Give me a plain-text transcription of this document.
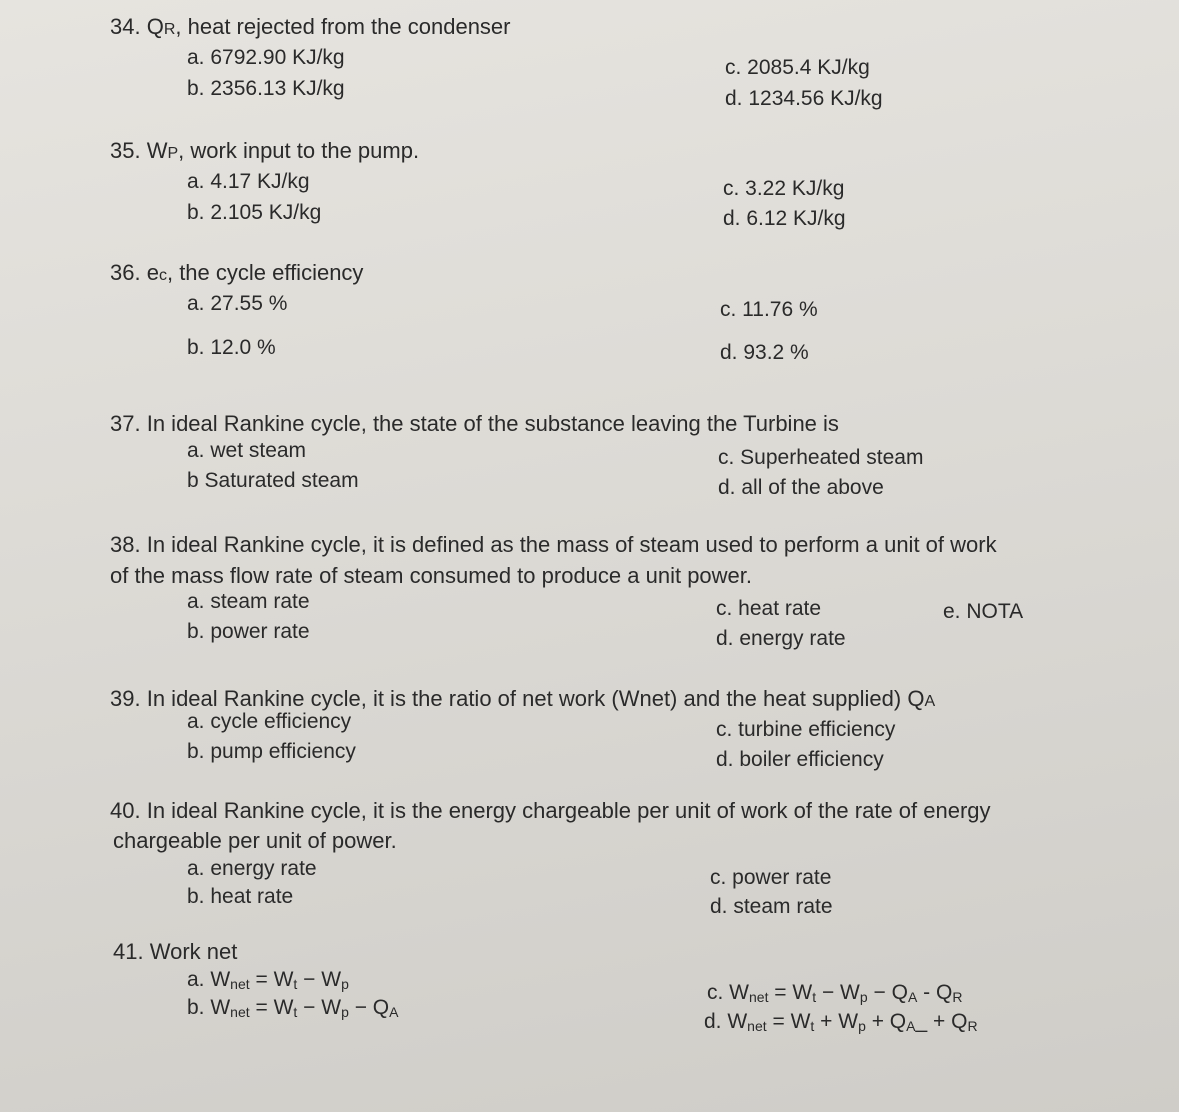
34. QR, heat rejected from the condenser
a. 6792.90 KJ/kg
b. 2356.13 KJ/kg
c. 2085.4 KJ/kg
d. 1234.56 KJ/kg
35. WP, work input to the pump.
a. 4.17 KJ/kg
b. 2.105 KJ/kg
c. 3.22 KJ/kg
d. 6.12 KJ/kg
36. ec, the cycle efficiency
a. 27.55 %
b. 12.0 %
c. 11.76 %
d. 93.2 %
37. In ideal Rankine cycle, the state of the substance leaving the Turbine is
a. wet steam
b Saturated steam
c. Superheated steam
d. all of the above
38. In ideal Rankine cycle, it is defined as the mass of steam used to perform a unit of work
of the mass flow rate of steam consumed to produce a unit power.
a. steam rate
b. power rate
c. heat rate
d. energy rate
e. NOTA
39. In ideal Rankine cycle, it is the ratio of net work (Wnet) and the heat supplied) QA
a. cycle efficiency
b. pump efficiency
c. turbine efficiency
d. boiler efficiency
40. In ideal Rankine cycle, it is the energy chargeable per unit of work of the rate of energy
chargeable per unit of power.
a. energy rate
b. heat rate
c. power rate
d. steam rate
41. Work net
a. $W_{net} = W_t - W_p$
b. $W_{net} = W_t - W_p - Q_A$
c. $W_{net} = W_t - W_p - Q_A - Q_R$
d. $W_{net} = W_t + W_p$ + $Q_A\_ + Q_R$
